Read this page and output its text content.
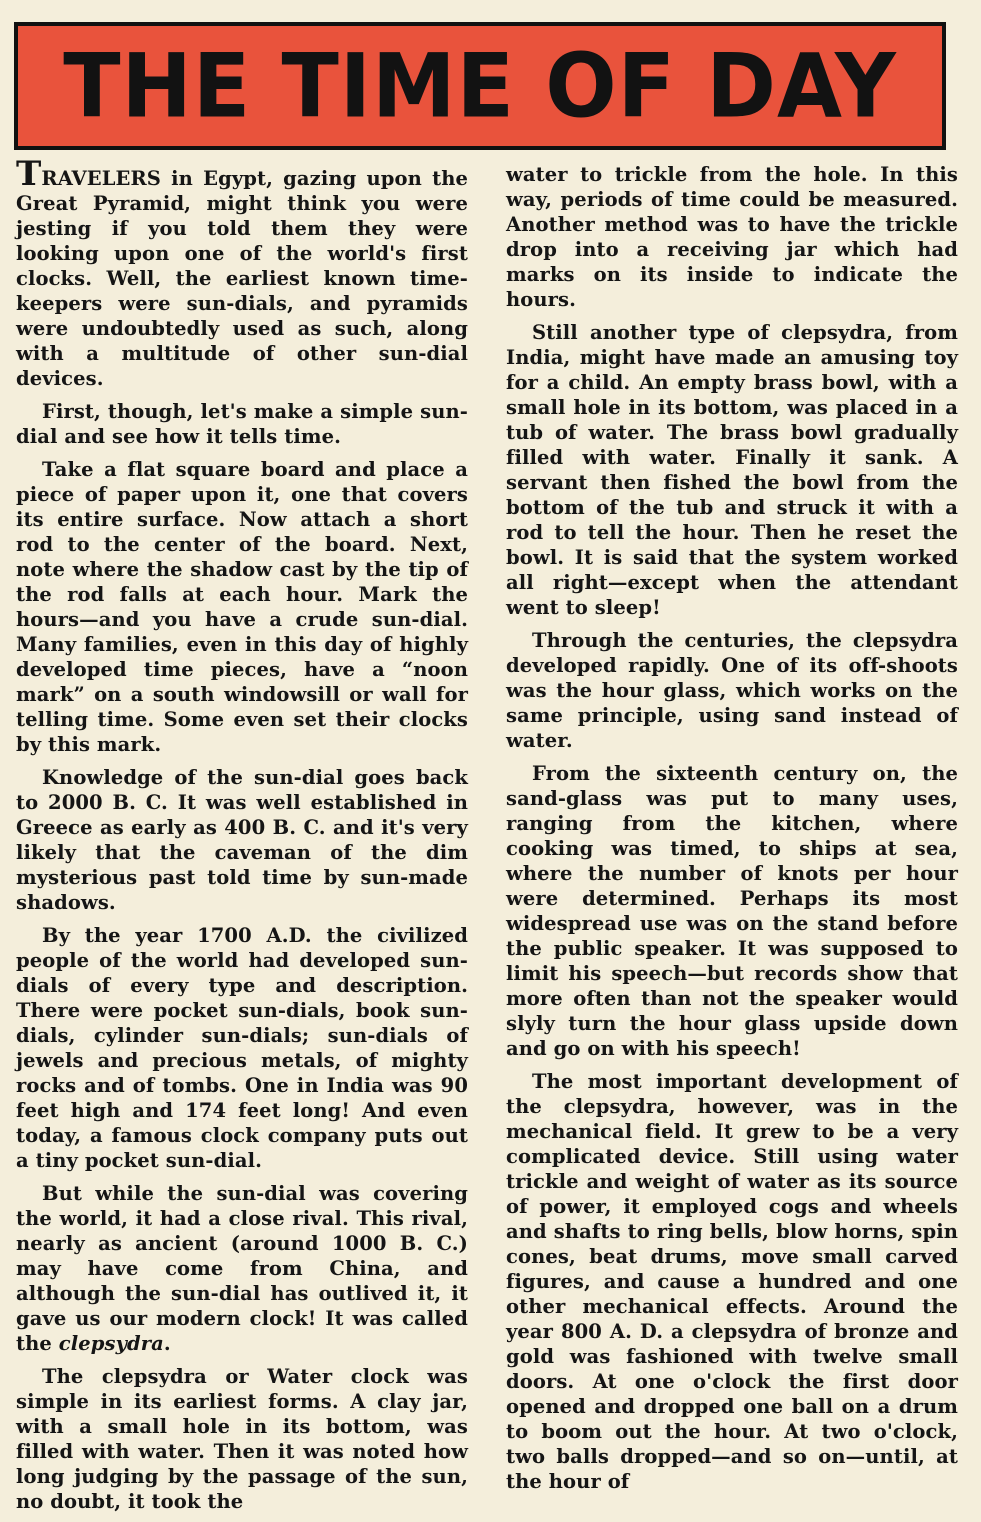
THE TIME OF DAY

TRAVELERS in Egypt, gazing upon the Great Pyramid, might think you were jesting if you told them they were looking upon one of the world's first clocks. Well, the earliest known time-keepers were sun-dials, and pyramids were undoubtedly used as such, along with a multitude of other sun-dial devices.

First, though, let's make a simple sun-dial and see how it tells time.

Take a flat square board and place a piece of paper upon it, one that covers its entire surface. Now attach a short rod to the center of the board. Next, note where the shadow cast by the tip of the rod falls at each hour. Mark the hours—and you have a crude sun-dial. Many families, even in this day of highly developed time pieces, have a “noon mark” on a south windowsill or wall for telling time. Some even set their clocks by this mark.

Knowledge of the sun-dial goes back to 2000 B. C. It was well established in Greece as early as 400 B. C. and it's very likely that the caveman of the dim mysterious past told time by sun-made shadows.

By the year 1700 A.D. the civilized people of the world had developed sun-dials of every type and description. There were pocket sun-dials, book sun-dials, cylinder sun-dials; sun-dials of jewels and precious metals, of mighty rocks and of tombs. One in India was 90 feet high and 174 feet long! And even today, a famous clock company puts out a tiny pocket sun-dial.

But while the sun-dial was covering the world, it had a close rival. This rival, nearly as ancient (around 1000 B. C.) may have come from China, and although the sun-dial has outlived it, it gave us our modern clock! It was called the clepsydra.

The clepsydra or Water clock was simple in its earliest forms. A clay jar, with a small hole in its bottom, was filled with water. Then it was noted how long judging by the passage of the sun, no doubt, it took the

water to trickle from the hole. In this way, periods of time could be measured. Another method was to have the trickle drop into a receiving jar which had marks on its inside to indicate the hours.

Still another type of clepsydra, from India, might have made an amusing toy for a child. An empty brass bowl, with a small hole in its bottom, was placed in a tub of water. The brass bowl gradually filled with water. Finally it sank. A servant then fished the bowl from the bottom of the tub and struck it with a rod to tell the hour. Then he reset the bowl. It is said that the system worked all right—except when the attendant went to sleep!

Through the centuries, the clepsydra developed rapidly. One of its off-shoots was the hour glass, which works on the same principle, using sand instead of water.

From the sixteenth century on, the sand-glass was put to many uses, ranging from the kitchen, where cooking was timed, to ships at sea, where the number of knots per hour were determined. Perhaps its most widespread use was on the stand before the public speaker. It was supposed to limit his speech—but records show that more often than not the speaker would slyly turn the hour glass upside down and go on with his speech!

The most important development of the clepsydra, however, was in the mechanical field. It grew to be a very complicated device. Still using water trickle and weight of water as its source of power, it employed cogs and wheels and shafts to ring bells, blow horns, spin cones, beat drums, move small carved figures, and cause a hundred and one other mechanical effects. Around the year 800 A. D. a clepsydra of bronze and gold was fashioned with twelve small doors. At one o'clock the first door opened and dropped one ball on a drum to boom out the hour. At two o'clock, two balls dropped—and so on—until, at the hour of
